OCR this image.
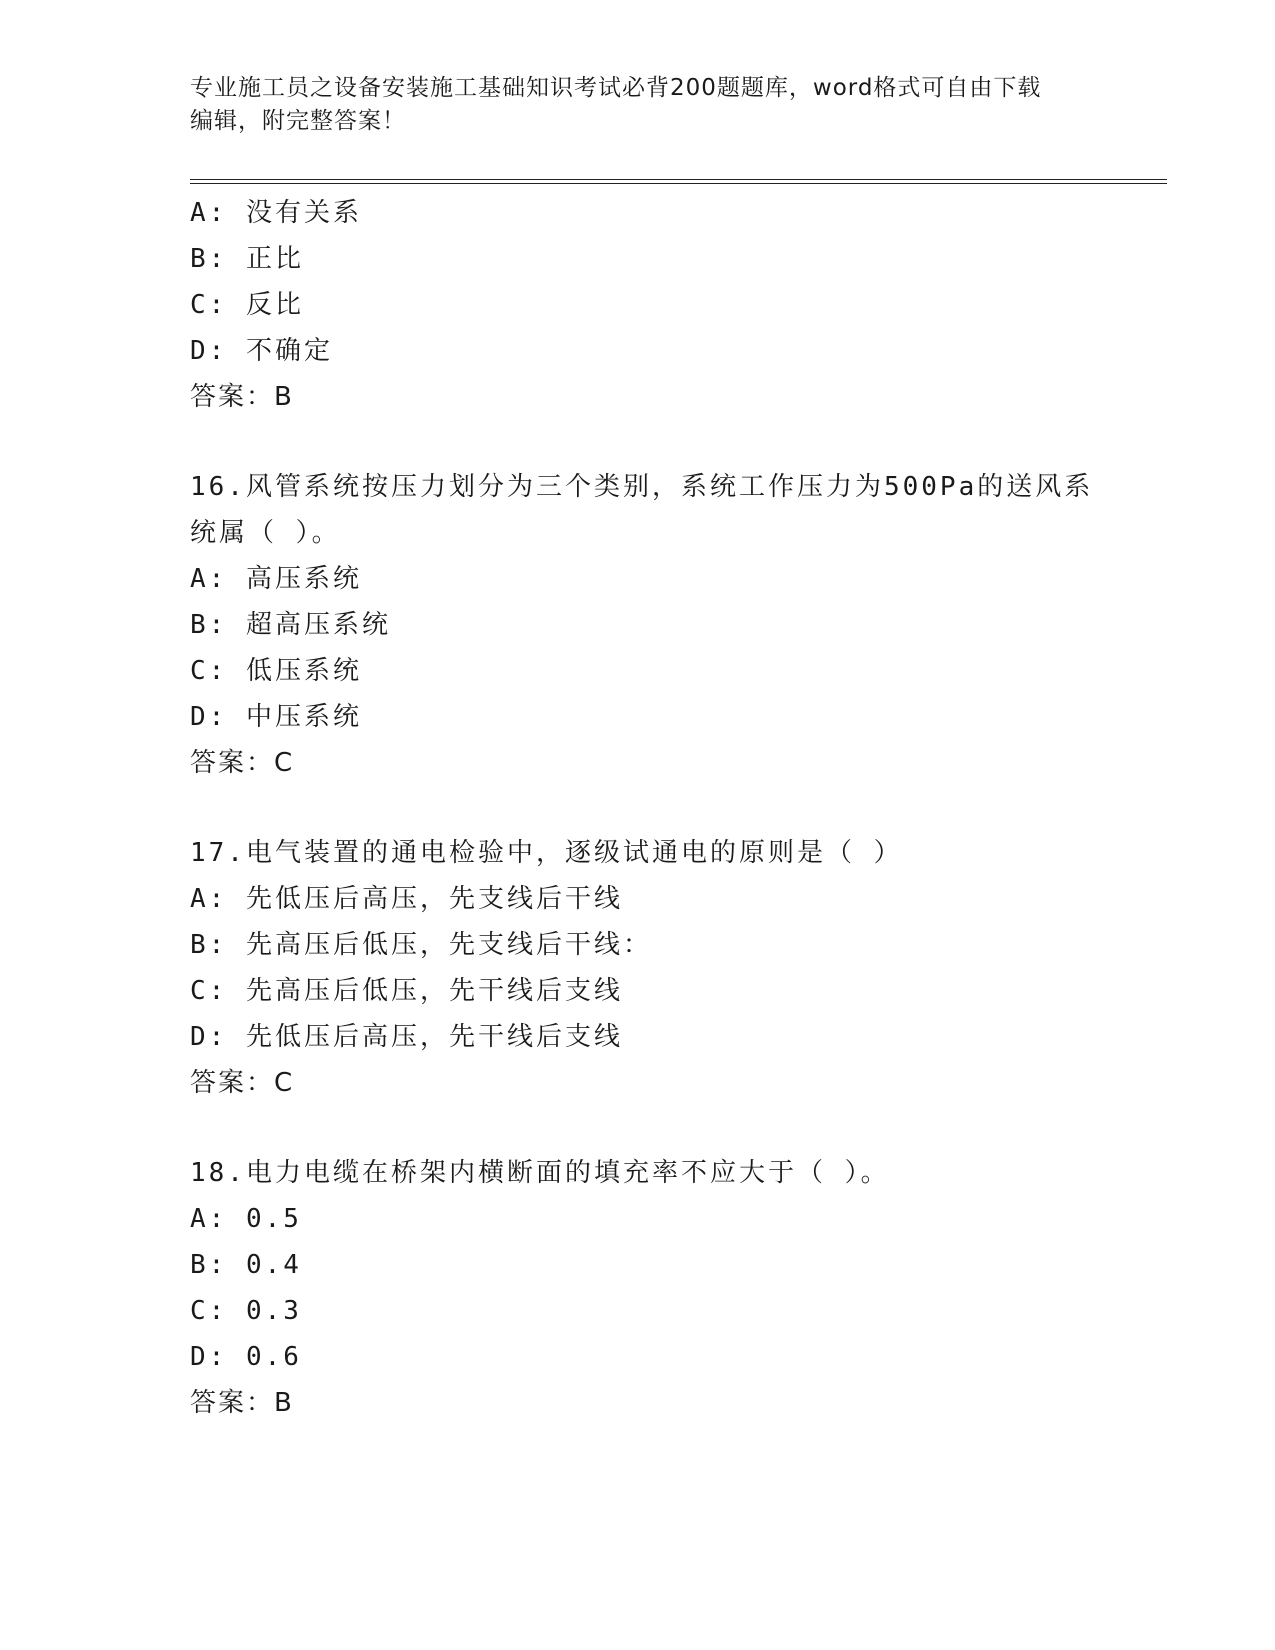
专业施工员之设备安装施工基础知识考试必背200题题库，word格式可自由下载
编辑，附完整答案！
A: 没有关系
B: 正比
C: 反比
D: 不确定
答案：B
16.风管系统按压力划分为三个类别，系统工作压力为500Pa的送风系
统属（ ）。
A: 高压系统
B: 超高压系统
C: 低压系统
D: 中压系统
答案：C
17.电气装置的通电检验中，逐级试通电的原则是（ ）
A: 先低压后高压，先支线后干线
B: 先高压后低压，先支线后干线：
C: 先高压后低压，先干线后支线
D: 先低压后高压，先干线后支线
答案：C
18.电力电缆在桥架内横断面的填充率不应大于（ ）。
A: 0.5
B: 0.4
C: 0.3
D: 0.6
答案：B
